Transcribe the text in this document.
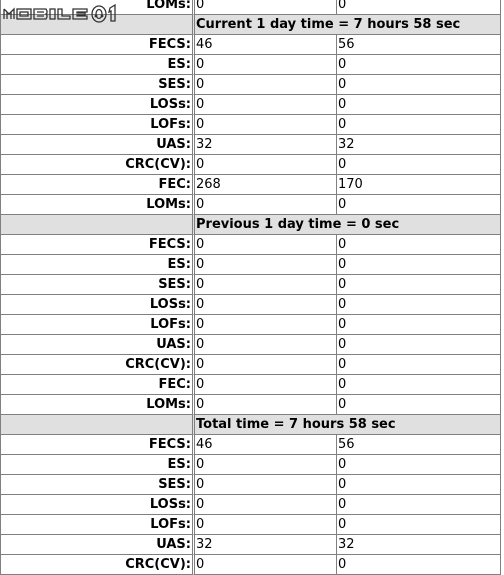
LOMs: 0	0
Current 1 day time = 7 hours 58 sec
FECS: 46	56
ES: 0	0
SES: 0	0
LOSs: 0	0
LOFs: 0	0
UAS: 32	32
CRC(CV): 0	0
FEC: 268	170
LOMs: 0	0
Previous 1 day time = 0 sec
FECS: 0	0
ES: 0	0
SES: 0	0
LOSs: 0	0
LOFs: 0	0
UAS: 0	0
CRC(CV): 0	0
FEC: 0	0
LOMs: 0	0
Total time = 7 hours 58 sec
FECS: 46	56
ES: 0	0
SES: 0	0
LOSs: 0	0
LOFs: 0	0
UAS: 32	32
CRC(CV): 0	0
